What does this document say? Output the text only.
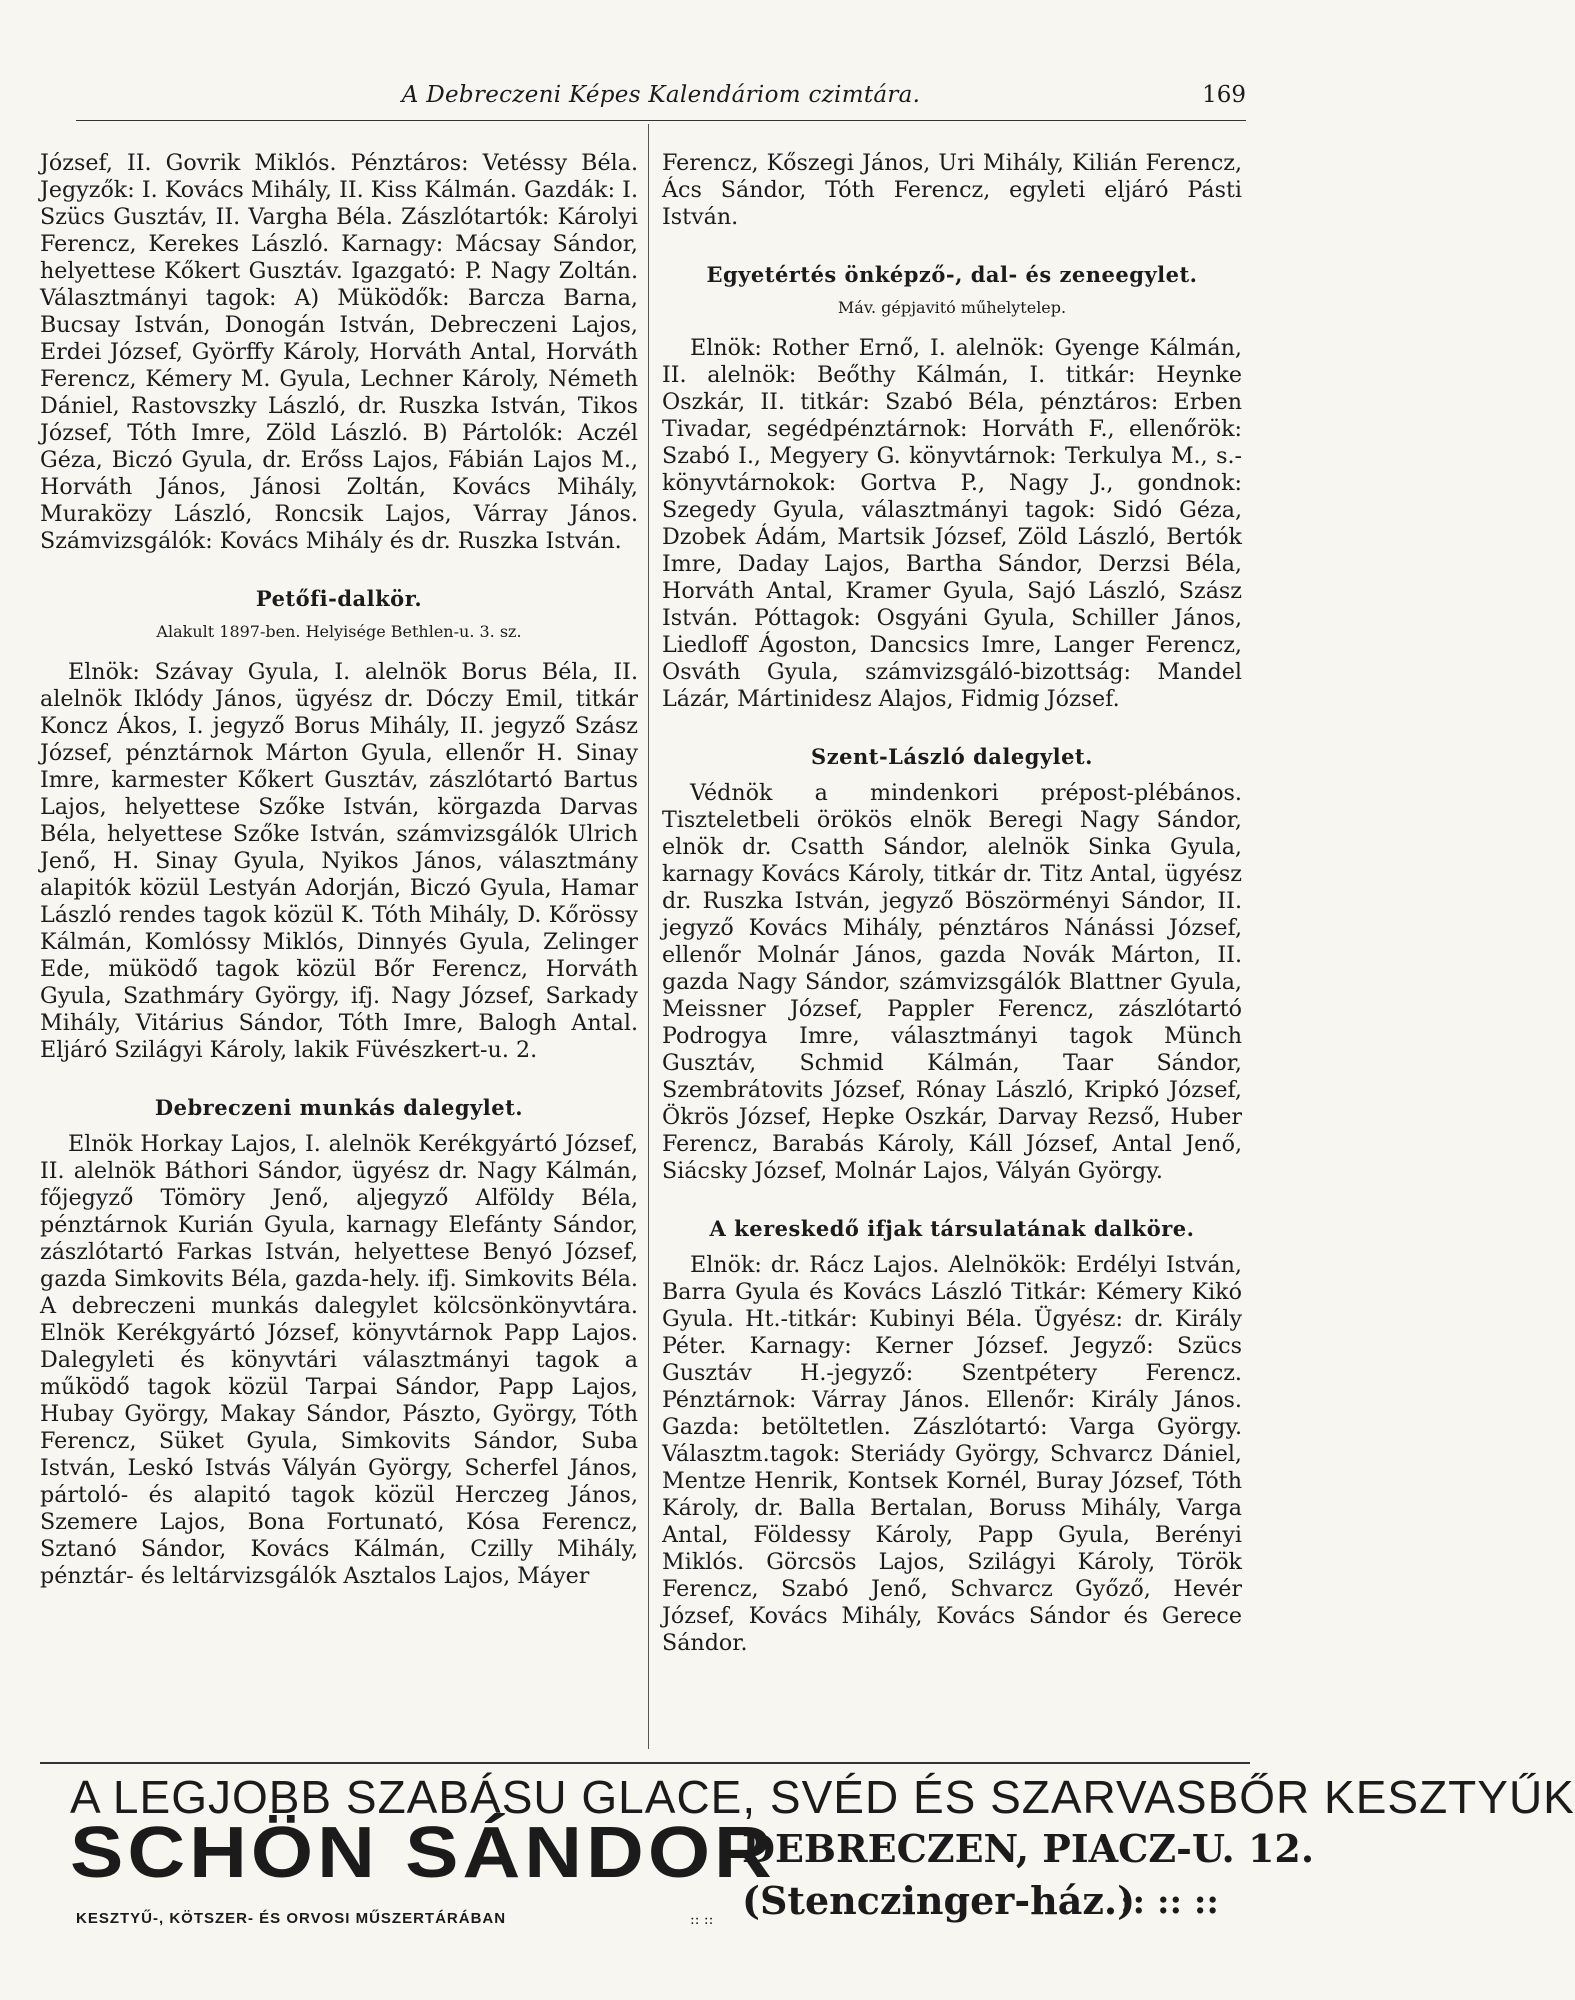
A Debreczeni Képes Kalendáriom czimtára.	169

József, II. Govrik Miklós. Pénztáros: Vetéssy Béla. Jegyzők: I. Kovács Mihály, II. Kiss Kálmán. Gazdák: I. Szücs Gusztáv, II. Vargha Béla. Zászlótartók: Károlyi Ferencz, Kerekes László. Karnagy: Mácsay Sándor, helyettese Kőkert Gusztáv. Igazgató: P. Nagy Zoltán. Választmányi tagok: A) Müködők: Barcza Barna, Bucsay István, Donogán István, Debreczeni Lajos, Erdei József, Györffy Károly, Horváth Antal, Horváth Ferencz, Kémery M. Gyula, Lechner Károly, Németh Dániel, Rastovszky László, dr. Ruszka István, Tikos József, Tóth Imre, Zöld László. B) Pártolók: Aczél Géza, Biczó Gyula, dr. Erőss Lajos, Fábián Lajos M., Horváth János, Jánosi Zoltán, Kovács Mihály, Muraközy László, Roncsik Lajos, Várray János. Számvizsgálók: Kovács Mihály és dr. Ruszka István.

Petőfi-dalkör.
Alakult 1897-ben. Helyisége Bethlen-u. 3. sz.

Elnök: Szávay Gyula, I. alelnök Borus Béla, II. alelnök Iklódy János, ügyész dr. Dóczy Emil, titkár Koncz Ákos, I. jegyző Borus Mihály, II. jegyző Szász József, pénztárnok Márton Gyula, ellenőr H. Sinay Imre, karmester Kőkert Gusztáv, zászlótartó Bartus Lajos, helyettese Szőke István, körgazda Darvas Béla, helyettese Szőke István, számvizsgálók Ulrich Jenő, H. Sinay Gyula, Nyikos János, választmány alapitók közül Lestyán Adorján, Biczó Gyula, Hamar László rendes tagok közül K. Tóth Mihály, D. Kőrössy Kálmán, Komlóssy Miklós, Dinnyés Gyula, Zelinger Ede, müködő tagok közül Bőr Ferencz, Horváth Gyula, Szathmáry György, ifj. Nagy József, Sarkady Mihály, Vitárius Sándor, Tóth Imre, Balogh Antal. Eljáró Szilágyi Károly, lakik Füvészkert-u. 2.

Debreczeni munkás dalegylet.

Elnök Horkay Lajos, I. alelnök Kerékgyártó József, II. alelnök Báthori Sándor, ügyész dr. Nagy Kálmán, főjegyző Tömöry Jenő, aljegyző Alföldy Béla, pénztárnok Kurián Gyula, karnagy Elefánty Sándor, zászlótartó Farkas István, helyettese Benyó József, gazda Simkovits Béla, gazda-hely. ifj. Simkovits Béla. A debreczeni munkás dalegylet kölcsönkönyvtára. Elnök Kerékgyártó József, könyvtárnok Papp Lajos. Dalegyleti és könyvtári választmányi tagok a működő tagok közül Tarpai Sándor, Papp Lajos, Hubay György, Makay Sándor, Pászto, György, Tóth Ferencz, Süket Gyula, Simkovits Sándor, Suba István, Leskó Istvás Vályán György, Scherfel János, pártoló- és alapitó tagok közül Herczeg János, Szemere Lajos, Bona Fortunató, Kósa Ferencz, Sztanó Sándor, Kovács Kálmán, Czilly Mihály, pénztár- és leltárvizsgálók Asztalos Lajos, Máyer

Ferencz, Kőszegi János, Uri Mihály, Kilián Ferencz, Ács Sándor, Tóth Ferencz, egyleti eljáró Pásti István.

Egyetértés önképző-, dal- és zeneegylet.
Máv. gépjavitó műhelytelep.

Elnök: Rother Ernő, I. alelnök: Gyenge Kálmán, II. alelnök: Beőthy Kálmán, I. titkár: Heynke Oszkár, II. titkár: Szabó Béla, pénztáros: Erben Tivadar, segédpénztárnok: Horváth F., ellenőrök: Szabó I., Megyery G. könyvtárnok: Terkulya M., s.-könyvtárnokok: Gortva P., Nagy J., gondnok: Szegedy Gyula, választmányi tagok: Sidó Géza, Dzobek Ádám, Martsik József, Zöld László, Bertók Imre, Daday Lajos, Bartha Sándor, Derzsi Béla, Horváth Antal, Kramer Gyula, Sajó László, Szász István. Póttagok: Osgyáni Gyula, Schiller János, Liedloff Ágoston, Dancsics Imre, Langer Ferencz, Osváth Gyula, számvizsgáló-bizottság: Mandel Lázár, Mártinidesz Alajos, Fidmig József.

Szent-László dalegylet.

Védnök a mindenkori prépost-plébános. Tiszteletbeli örökös elnök Beregi Nagy Sándor, elnök dr. Csatth Sándor, alelnök Sinka Gyula, karnagy Kovács Károly, titkár dr. Titz Antal, ügyész dr. Ruszka István, jegyző Böszörményi Sándor, II. jegyző Kovács Mihály, pénztáros Nánássi József, ellenőr Molnár János, gazda Novák Márton, II. gazda Nagy Sándor, számvizsgálók Blattner Gyula, Meissner József, Pappler Ferencz, zászlótartó Podrogya Imre, választmányi tagok Münch Gusztáv, Schmid Kálmán, Taar Sándor, Szembrátovits József, Rónay László, Kripkó József, Ökrös József, Hepke Oszkár, Darvay Rezső, Huber Ferencz, Barabás Károly, Káll József, Antal Jenő, Siácsky József, Molnár Lajos, Vályán György.

A kereskedő ifjak társulatának dalköre.

Elnök: dr. Rácz Lajos. Alelnökök: Erdélyi István, Barra Gyula és Kovács László Titkár: Kémery Kikó Gyula. Ht.-titkár: Kubinyi Béla. Ügyész: dr. Király Péter. Karnagy: Kerner József. Jegyző: Szücs Gusztáv H.-jegyző: Szentpétery Ferencz. Pénztárnok: Várray János. Ellenőr: Király János. Gazda: betöltetlen. Zászlótartó: Varga György. Választm.tagok: Steriády György, Schvarcz Dániel, Mentze Henrik, Kontsek Kornél, Buray József, Tóth Károly, dr. Balla Bertalan, Boruss Mihály, Varga Antal, Földessy Károly, Papp Gyula, Berényi Miklós. Görcsös Lajos, Szilágyi Károly, Török Ferencz, Szabó Jenő, Schvarcz Győző, Hevér József, Kovács Mihály, Kovács Sándor és Gerece Sándor.

A LEGJOBB SZABÁSU GLACE, SVÉD ÉS SZARVASBŐR KESZTYŰK
SCHÖN SÁNDOR
KESZTYŰ-, KÖTSZER- ÉS ORVOSI MŰSZERTÁRÁBAN	:: ::
DEBRECZEN, PIACZ-U. 12.
(Stenczinger-ház.)
:: :: ::
